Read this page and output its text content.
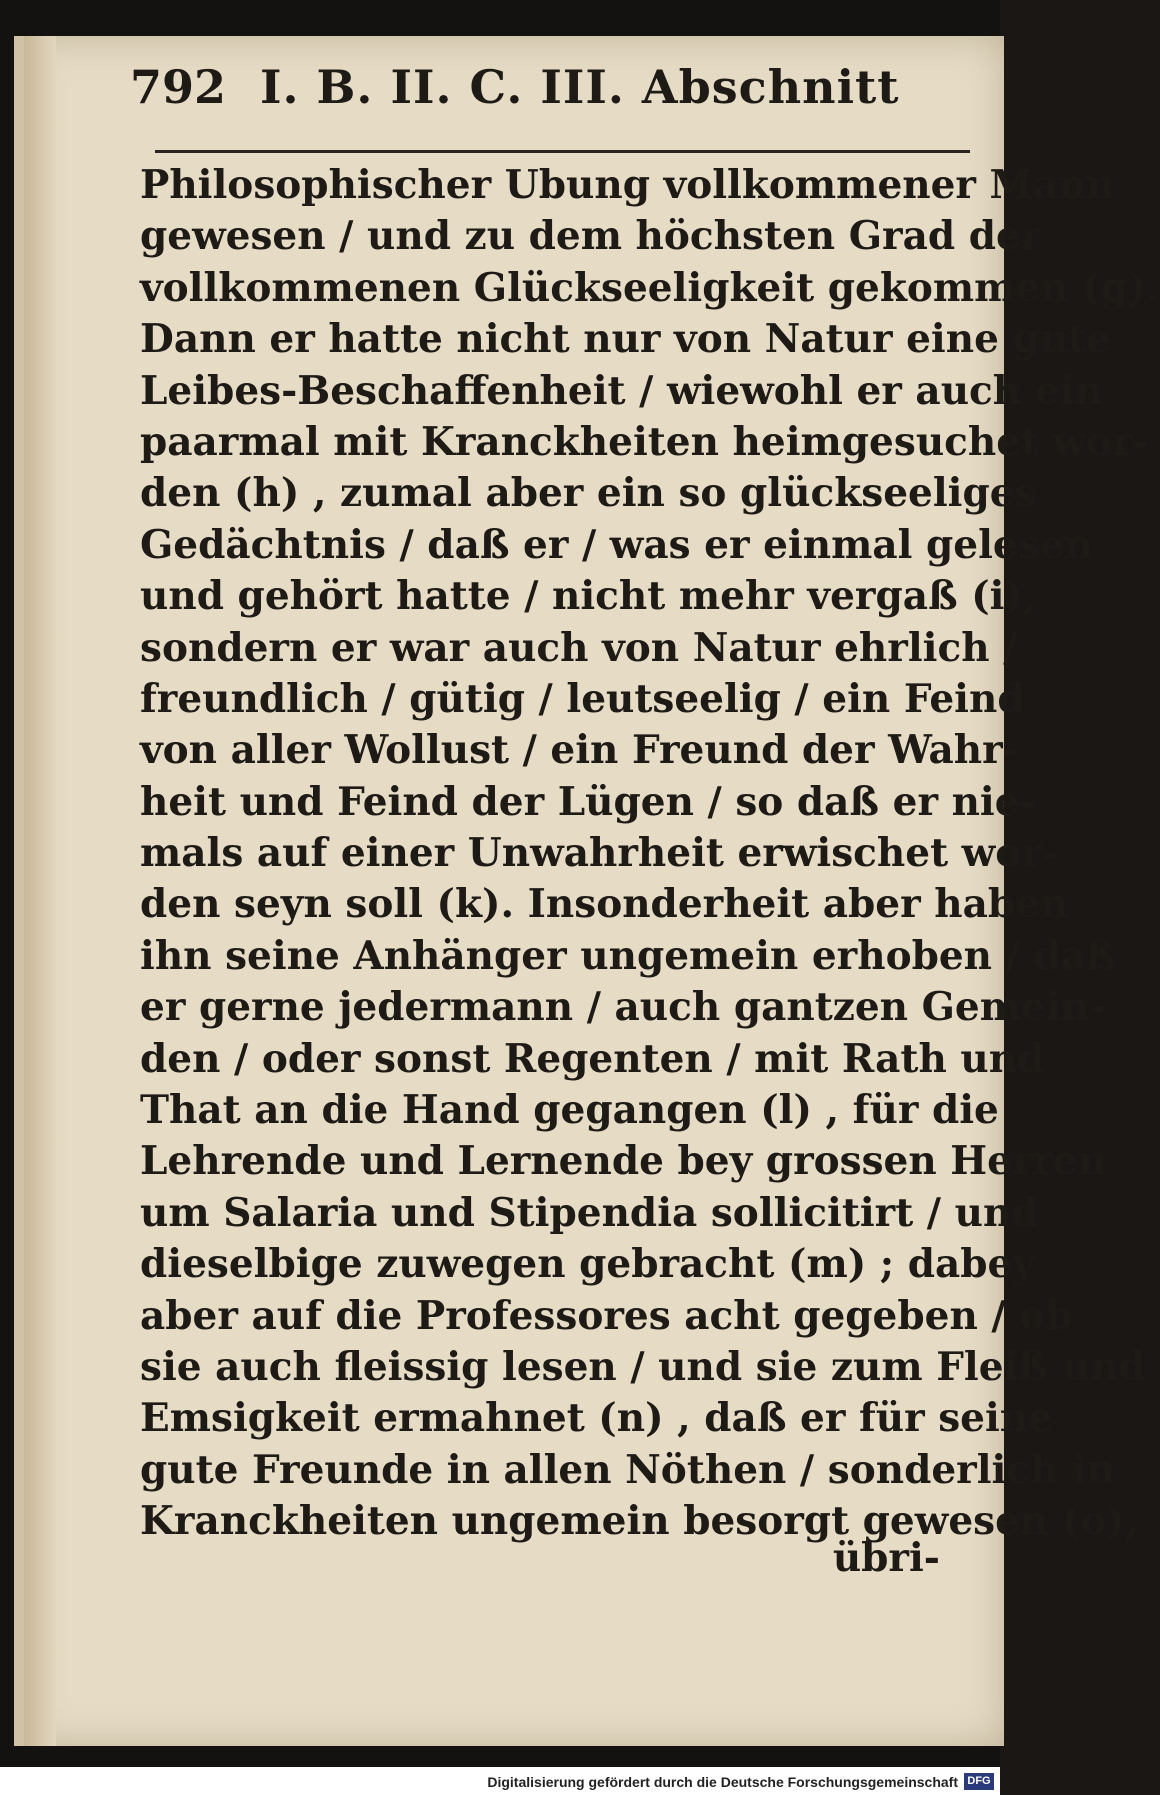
792 I. B. II. C. III. Abschnitt
Philosophischer Ubung vollkommener Mann
gewesen / und zu dem höchsten Grad der
vollkommenen Glückseeligkeit gekommen (g).
Dann er hatte nicht nur von Natur eine gute
Leibes-Beschaffenheit / wiewohl er auch ein
paarmal mit Kranckheiten heimgesuchet wor-
den (h) , zumal aber ein so glückseeliges
Gedächtnis / daß er / was er einmal gelesen
und gehört hatte / nicht mehr vergaß (i),
sondern er war auch von Natur ehrlich /
freundlich / gütig / leutseelig / ein Feind
von aller Wollust / ein Freund der Wahr-
heit und Feind der Lügen / so daß er nie-
mals auf einer Unwahrheit erwischet wor-
den seyn soll (k). Insonderheit aber haben
ihn seine Anhänger ungemein erhoben / daß
er gerne jedermann / auch gantzen Gemein-
den / oder sonst Regenten / mit Rath und
That an die Hand gegangen (l) , für die
Lehrende und Lernende bey grossen Herren
um Salaria und Stipendia sollicitirt / und
dieselbige zuwegen gebracht (m) ; dabey
aber auf die Professores acht gegeben / ob
sie auch fleissig lesen / und sie zum Fleiß und
Emsigkeit ermahnet (n) , daß er für seine
gute Freunde in allen Nöthen / sonderlich in
Kranckheiten ungemein besorgt gewesen (o),
übri-
Digitalisierung gefördert durch die Deutsche Forschungsgemeinschaft DFG
